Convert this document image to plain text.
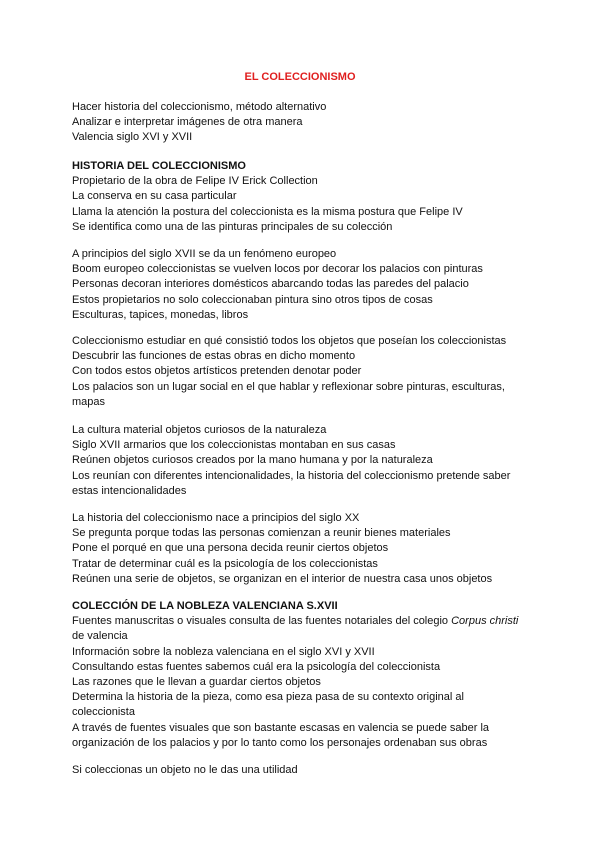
EL COLECCIONISMO
Hacer historia del coleccionismo, método alternativo
Analizar e interpretar imágenes de otra manera
Valencia siglo XVI y XVII
HISTORIA DEL COLECCIONISMO
Propietario de la obra de Felipe IV Erick Collection
La conserva en su casa particular
Llama la atención la postura del coleccionista es la misma postura que Felipe IV
Se identifica como una de las pinturas principales de su colección
A principios del siglo XVII se da un fenómeno europeo
Boom europeo coleccionistas se vuelven locos por decorar los palacios con pinturas
Personas decoran interiores domésticos abarcando todas las paredes del palacio
Estos propietarios no solo coleccionaban pintura sino otros tipos de cosas
Esculturas, tapices, monedas, libros
Coleccionismo estudiar en qué consistió todos los objetos que poseían los coleccionistas
Descubrir las funciones de estas obras en dicho momento
Con todos estos objetos artísticos pretenden denotar poder
Los palacios son un lugar social en el que hablar y reflexionar sobre pinturas, esculturas,
mapas
La cultura material objetos curiosos de la naturaleza
Siglo XVII armarios que los coleccionistas montaban en sus casas
Reúnen objetos curiosos creados por la mano humana y por la naturaleza
Los reunían con diferentes intencionalidades, la historia del coleccionismo pretende saber
estas intencionalidades
La historia del coleccionismo nace a principios del siglo XX
Se pregunta porque todas las personas comienzan a reunir bienes materiales
Pone el porqué en que una persona decida reunir ciertos objetos
Tratar de determinar cuál es la psicología de los coleccionistas
Reúnen una serie de objetos, se organizan en el interior de nuestra casa unos objetos
COLECCIÓN DE LA NOBLEZA VALENCIANA S.XVII
Fuentes manuscritas o visuales consulta de las fuentes notariales del colegio Corpus christi
de valencia
Información sobre la nobleza valenciana en el siglo XVI y XVII
Consultando estas fuentes sabemos cuál era la psicología del coleccionista
Las razones que le llevan a guardar ciertos objetos
Determina la historia de la pieza, como esa pieza pasa de su contexto original al
coleccionista
A través de fuentes visuales que son bastante escasas en valencia se puede saber la
organización de los palacios y por lo tanto como los personajes ordenaban sus obras
Si coleccionas un objeto no le das una utilidad
